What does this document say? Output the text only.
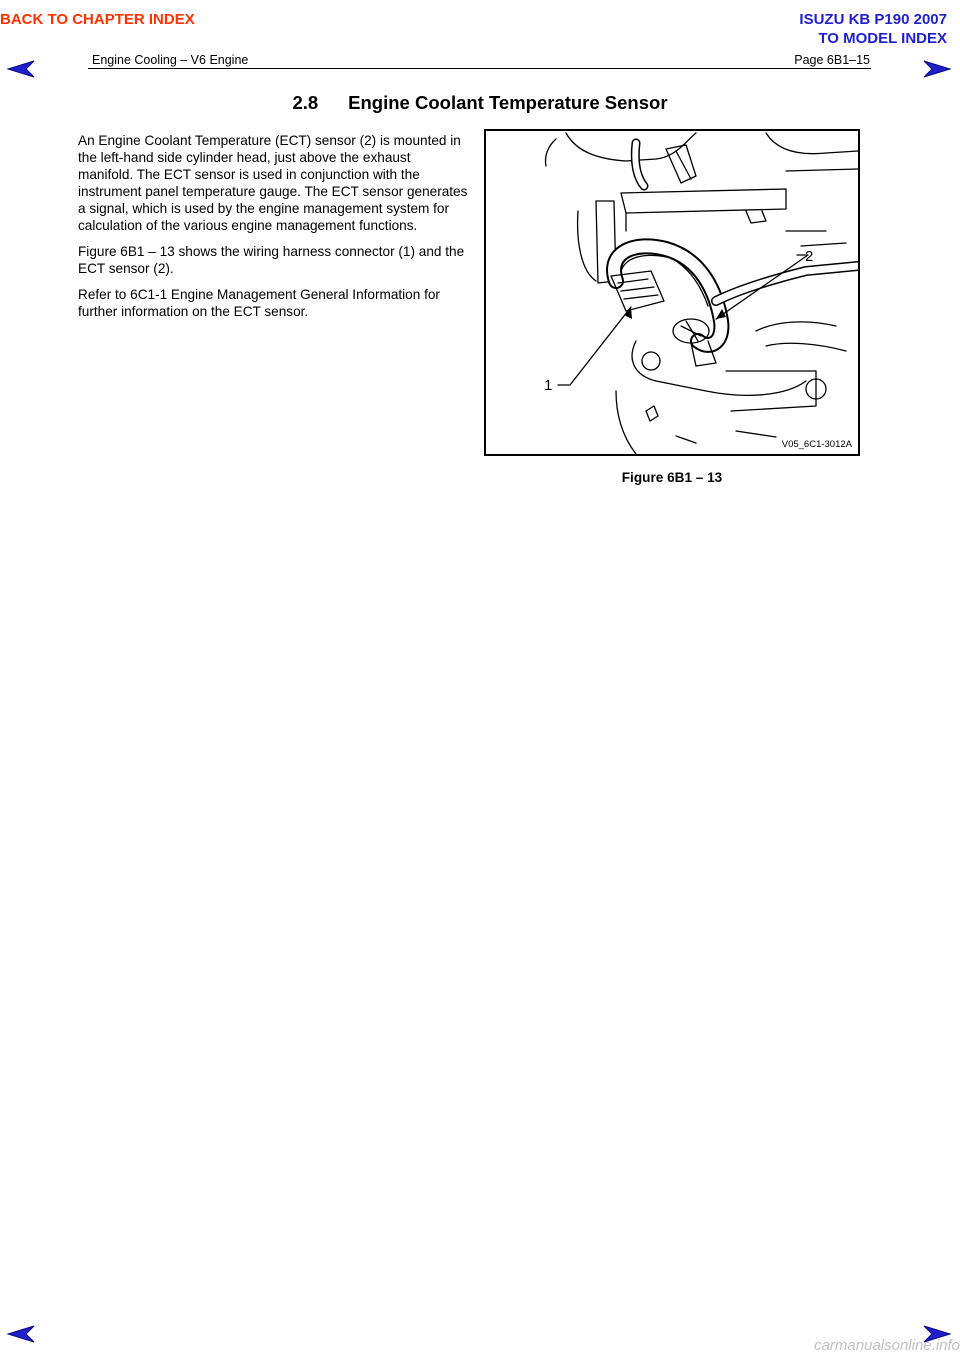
BACK TO CHAPTER INDEX	ISUZU KB P190 2007
TO MODEL INDEX
Engine Cooling – V6 Engine	Page 6B1–15
2.8 Engine Coolant Temperature Sensor

An Engine Coolant Temperature (ECT) sensor (2) is mounted in the left-hand side cylinder head, just above the exhaust manifold. The ECT sensor is used in conjunction with the instrument panel temperature gauge. The ECT sensor generates a signal, which is used by the engine management system for calculation of the various engine management functions.

Figure 6B1 – 13 shows the wiring harness connector (1) and the ECT sensor (2).

Refer to 6C1-1 Engine Management General Information for further information on the ECT sensor.

2
1
V05_6C1-3012A
Figure 6B1 – 13
carmanualsonline.info
